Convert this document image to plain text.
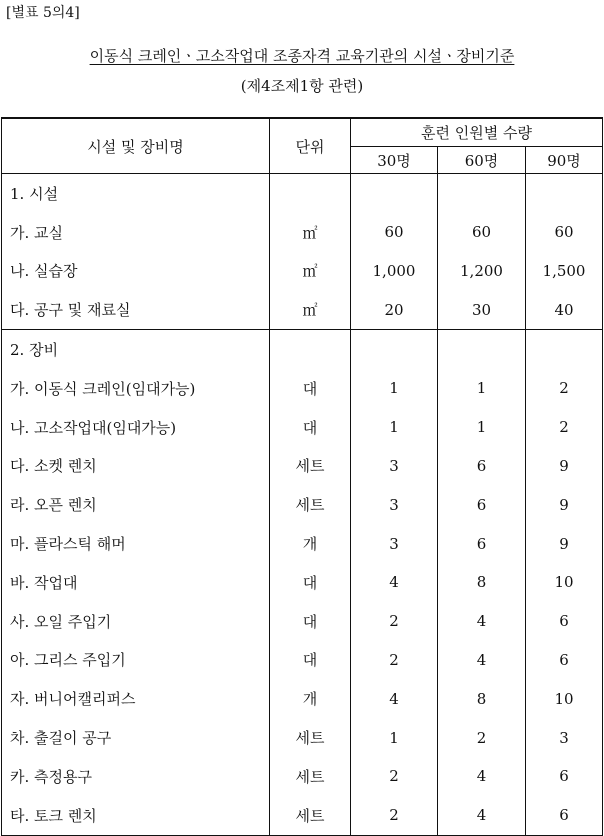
[별표 5의4]
이동식 크레인ㆍ고소작업대 조종자격 교육기관의 시설ㆍ장비기준
(제4조제1항 관련)
시설 및 장비명	단위	훈련 인원별 수량		
		30명	60명	90명
1. 시설				
가. 교실	㎡	60	60	60
나. 실습장	㎡	1,000	1,200	1,500
다. 공구 및 재료실	㎡	20	30	40
2. 장비				
가. 이동식 크레인(임대가능)	대	1	1	2
나. 고소작업대(임대가능)	대	1	1	2
다. 소켓 렌치	세트	3	6	9
라. 오픈 렌치	세트	3	6	9
마. 플라스틱 해머	개	3	6	9
바. 작업대	대	4	8	10
사. 오일 주입기	대	2	4	6
아. 그리스 주입기	대	2	4	6
자. 버니어캘리퍼스	개	4	8	10
차. 출걸이 공구	세트	1	2	3
카. 측정용구	세트	2	4	6
타. 토크 렌치	세트	2	4	6
